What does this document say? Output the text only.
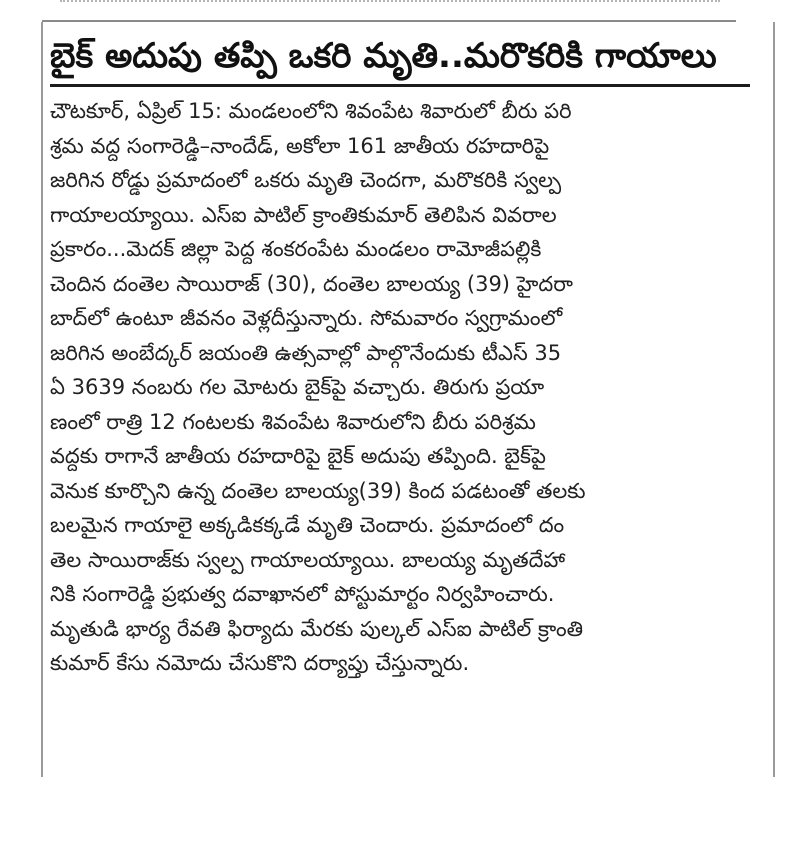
బైక్ అదుపు తప్పి ఒకరి మృతి..మరొకరికి గాయాలు
చౌటకూర్, ఏప్రిల్ 15: మండలంలోని శివంపేట శివారులో బీరు పరి
శ్రమ వద్ద సంగారెడ్డి–నాందేడ్, అకోలా 161 జాతీయ రహదారిపై
జరిగిన రోడ్డు ప్రమాదంలో ఒకరు మృతి చెందగా, మరొకరికి స్వల్ప
గాయాలయ్యాయి. ఎస్ఐ పాటిల్ క్రాంతికుమార్ తెలిపిన వివరాల
ప్రకారం...మెదక్ జిల్లా పెద్ద శంకరంపేట మండలం రామోజీపల్లికి
చెందిన దంతెల సాయిరాజ్ (30), దంతెల బాలయ్య (39) హైదరా
బాద్‌లో ఉంటూ జీవనం వెళ్లదీస్తున్నారు. సోమవారం స్వగ్రామంలో
జరిగిన అంబేద్కర్ జయంతి ఉత్సవాల్లో పాల్గొనేందుకు టీఎస్ 35
ఏ 3639 నంబరు గల మోటరు బైక్‌పై వచ్చారు. తిరుగు ప్రయా
ణంలో రాత్రి 12 గంటలకు శివంపేట శివారులోని బీరు పరిశ్రమ
వద్దకు రాగానే జాతీయ రహదారిపై బైక్ అదుపు తప్పింది. బైక్‌పై
వెనుక కూర్చొని ఉన్న దంతెల బాలయ్య(39) కింద పడటంతో తలకు
బలమైన గాయాలై అక్కడికక్కడే మృతి చెందారు. ప్రమాదంలో దం
తెల సాయిరాజ్‌కు స్వల్ప గాయాలయ్యాయి. బాలయ్య మృతదేహా
నికి సంగారెడ్డి ప్రభుత్వ దవాఖానలో పోస్టుమార్టం నిర్వహించారు.
మృతుడి భార్య రేవతి ఫిర్యాదు మేరకు పుల్కల్ ఎస్ఐ పాటిల్ క్రాంతి
కుమార్ కేసు నమోదు చేసుకొని దర్యాప్తు చేస్తున్నారు.
